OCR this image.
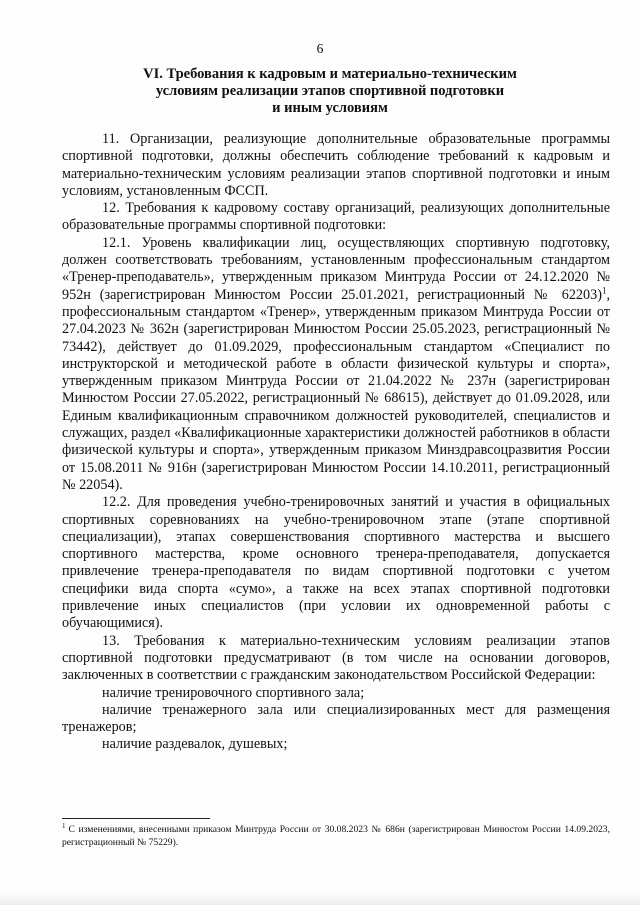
6
VI. Требования к кадровым и материально-техническим
условиям реализации этапов спортивной подготовки
и иным условиям

11. Организации, реализующие дополнительные образовательные программы спортивной подготовки, должны обеспечить соблюдение требований к кадровым и материально-техническим условиям реализации этапов спортивной подготовки и иным условиям, установленным ФССП.

12. Требования к кадровому составу организаций, реализующих дополнительные образовательные программы спортивной подготовки:

12.1. Уровень квалификации лиц, осуществляющих спортивную подготовку, должен соответствовать требованиям, установленным профессиональным стандартом «Тренер-преподаватель», утвержденным приказом Минтруда России от 24.12.2020 № 952н (зарегистрирован Минюстом России 25.01.2021, регистрационный № 62203)$^1$, профессиональным стандартом «Тренер», утвержденным приказом Минтруда России от 27.04.2023 № 362н (зарегистрирован Минюстом России 25.05.2023, регистрационный № 73442), действует до 01.09.2029, профессиональным стандартом «Специалист по инструкторской и методической работе в области физической культуры и спорта», утвержденным приказом Минтруда России от 21.04.2022 № 237н (зарегистрирован Минюстом России 27.05.2022, регистрационный № 68615), действует до 01.09.2028, или Единым квалификационным справочником должностей руководителей, специалистов и служащих, раздел «Квалификационные характеристики должностей работников в области физической культуры и спорта», утвержденным приказом Минздравсоцразвития России от 15.08.2011 № 916н (зарегистрирован Минюстом России 14.10.2011, регистрационный № 22054).

12.2. Для проведения учебно-тренировочных занятий и участия в официальных спортивных соревнованиях на учебно-тренировочном этапе (этапе спортивной специализации), этапах совершенствования спортивного мастерства и высшего спортивного мастерства, кроме основного тренера-преподавателя, допускается привлечение тренера-преподавателя по видам спортивной подготовки с учетом специфики вида спорта «сумо», а также на всех этапах спортивной подготовки привлечение иных специалистов (при условии их одновременной работы с обучающимися).

13. Требования к материально-техническим условиям реализации этапов спортивной подготовки предусматривают (в том числе на основании договоров, заключенных в соответствии с гражданским законодательством Российской Федерации:

наличие тренировочного спортивного зала;

наличие тренажерного зала или специализированных мест для размещения тренажеров;

наличие раздевалок, душевых;

$^1$ С изменениями, внесенными приказом Минтруда России от 30.08.2023 № 686н (зарегистрирован Минюстом России 14.09.2023, регистрационный № 75229).
